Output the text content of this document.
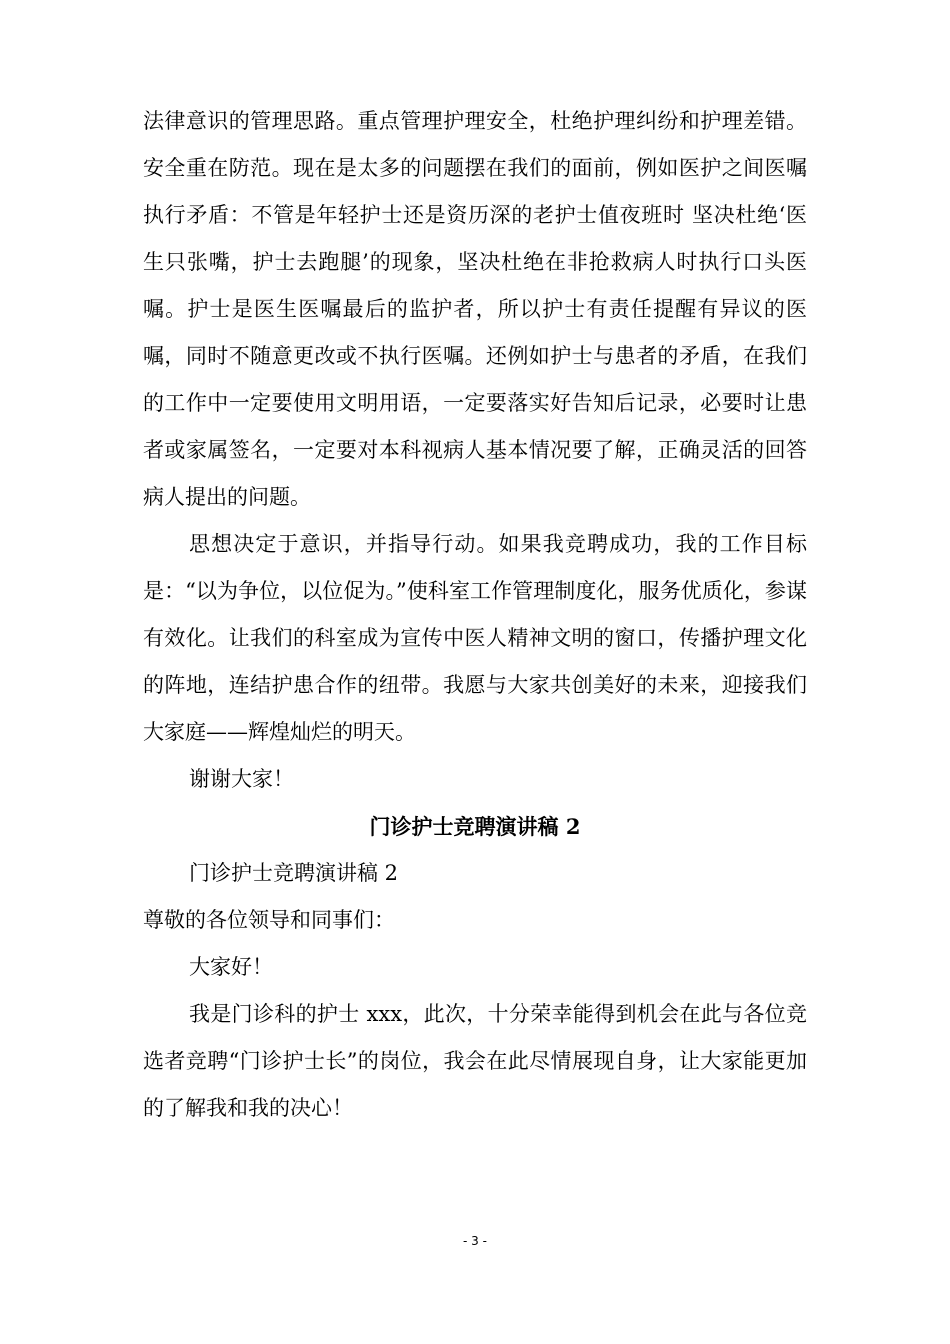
法律意识的管理思路。重点管理护理安全，杜绝护理纠纷和护理差错。安全重在防范。现在是太多的问题摆在我们的面前，例如医护之间医嘱执行矛盾：不管是年轻护士还是资历深的老护士值夜班时 坚决杜绝‘医生只张嘴，护士去跑腿’的现象，坚决杜绝在非抢救病人时执行口头医嘱。护士是医生医嘱最后的监护者，所以护士有责任提醒有异议的医嘱，同时不随意更改或不执行医嘱。还例如护士与患者的矛盾，在我们的工作中一定要使用文明用语，一定要落实好告知后记录，必要时让患者或家属签名，一定要对本科视病人基本情况要了解，正确灵活的回答病人提出的问题。

思想决定于意识，并指导行动。如果我竞聘成功，我的工作目标是：“以为争位，以位促为。”使科室工作管理制度化，服务优质化，参谋有效化。让我们的科室成为宣传中医人精神文明的窗口，传播护理文化的阵地，连结护患合作的纽带。我愿与大家共创美好的未来，迎接我们大家庭——辉煌灿烂的明天。

谢谢大家！

门诊护士竞聘演讲稿 2

门诊护士竞聘演讲稿 2

尊敬的各位领导和同事们：

大家好！

我是门诊科的护士 xxx，此次，十分荣幸能得到机会在此与各位竞选者竞聘“门诊护士长”的岗位，我会在此尽情展现自身，让大家能更加的了解我和我的决心！

- 3 -
